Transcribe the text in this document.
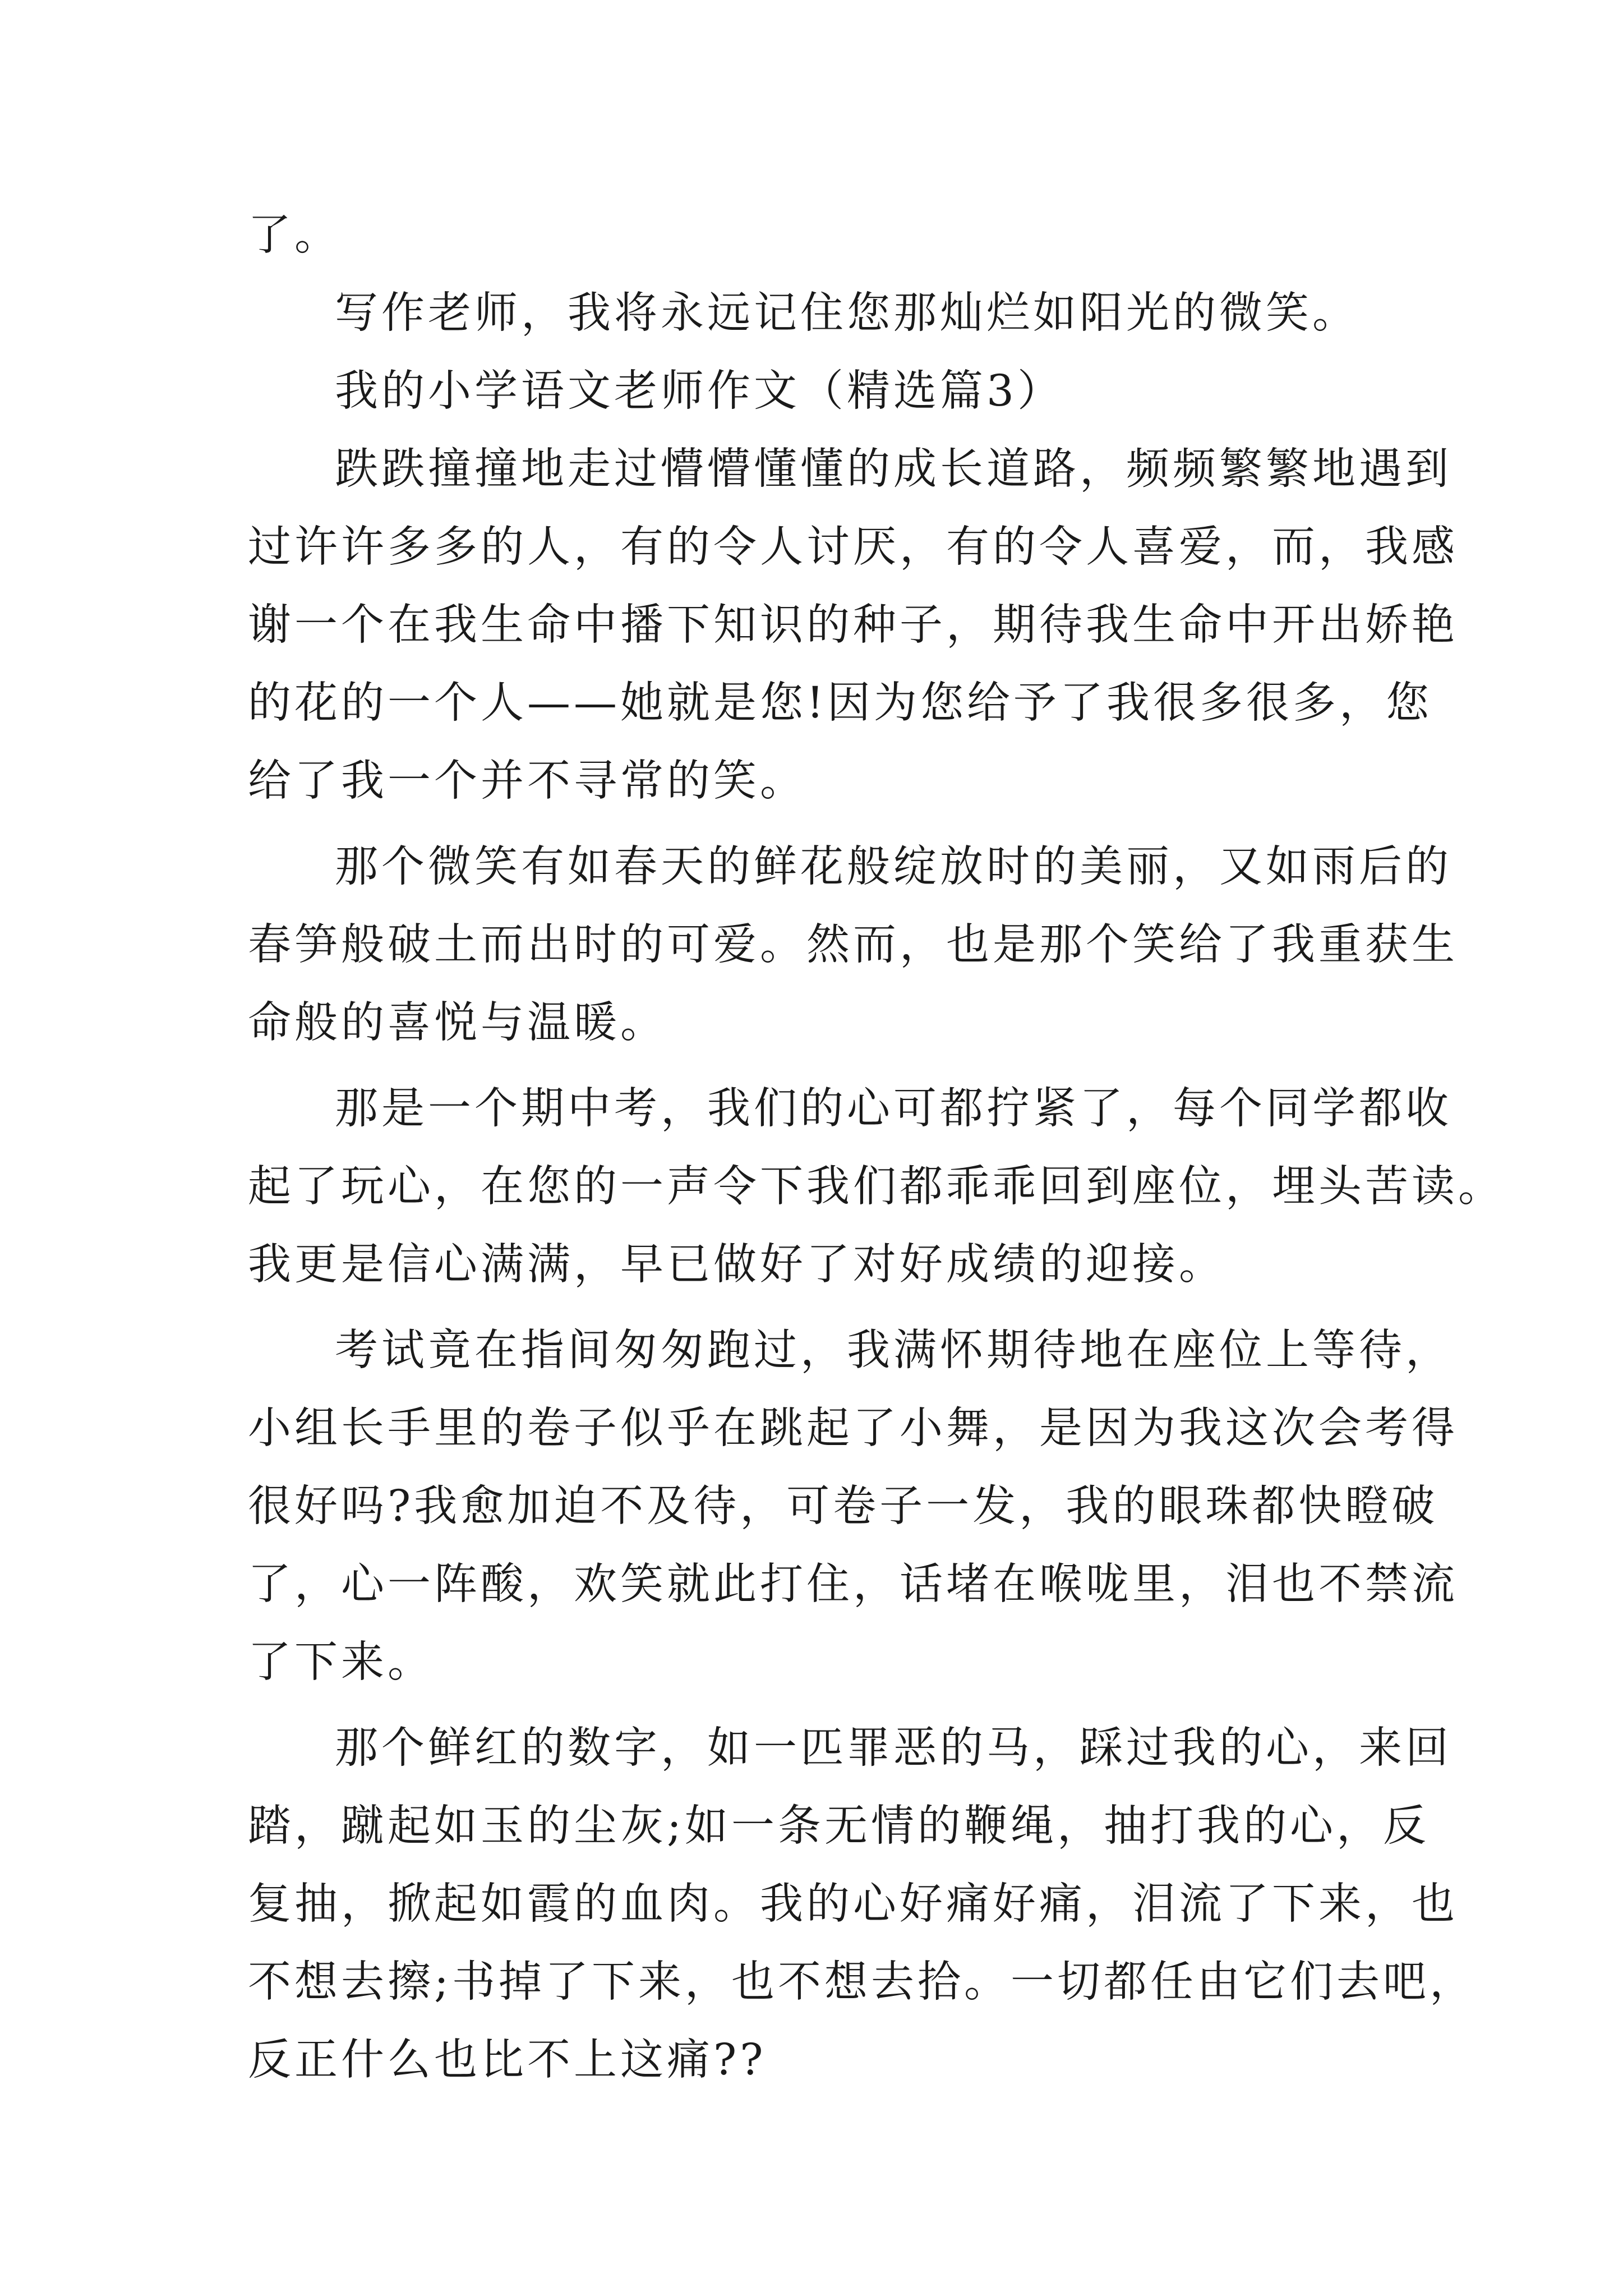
了。

写作老师，我将永远记住您那灿烂如阳光的微笑。

我的小学语文老师作文（精选篇3）

跌跌撞撞地走过懵懵懂懂的成长道路，频频繁繁地遇到

过许许多多的人，有的令人讨厌，有的令人喜爱，而，我感

谢一个在我生命中播下知识的种子，期待我生命中开出娇艳

的花的一个人——她就是您!因为您给予了我很多很多，您

给了我一个并不寻常的笑。

那个微笑有如春天的鲜花般绽放时的美丽，又如雨后的

春笋般破土而出时的可爱。然而，也是那个笑给了我重获生

命般的喜悦与温暖。

那是一个期中考，我们的心可都拧紧了，每个同学都收

起了玩心，在您的一声令下我们都乖乖回到座位，埋头苦读。

我更是信心满满，早已做好了对好成绩的迎接。

考试竟在指间匆匆跑过，我满怀期待地在座位上等待，

小组长手里的卷子似乎在跳起了小舞，是因为我这次会考得

很好吗?我愈加迫不及待，可卷子一发，我的眼珠都快瞪破

了，心一阵酸，欢笑就此打住，话堵在喉咙里，泪也不禁流

了下来。

那个鲜红的数字，如一匹罪恶的马，踩过我的心，来回

踏，蹴起如玉的尘灰;如一条无情的鞭绳，抽打我的心，反

复抽，掀起如霞的血肉。我的心好痛好痛，泪流了下来，也

不想去擦;书掉了下来，也不想去拾。一切都任由它们去吧，

反正什么也比不上这痛??
